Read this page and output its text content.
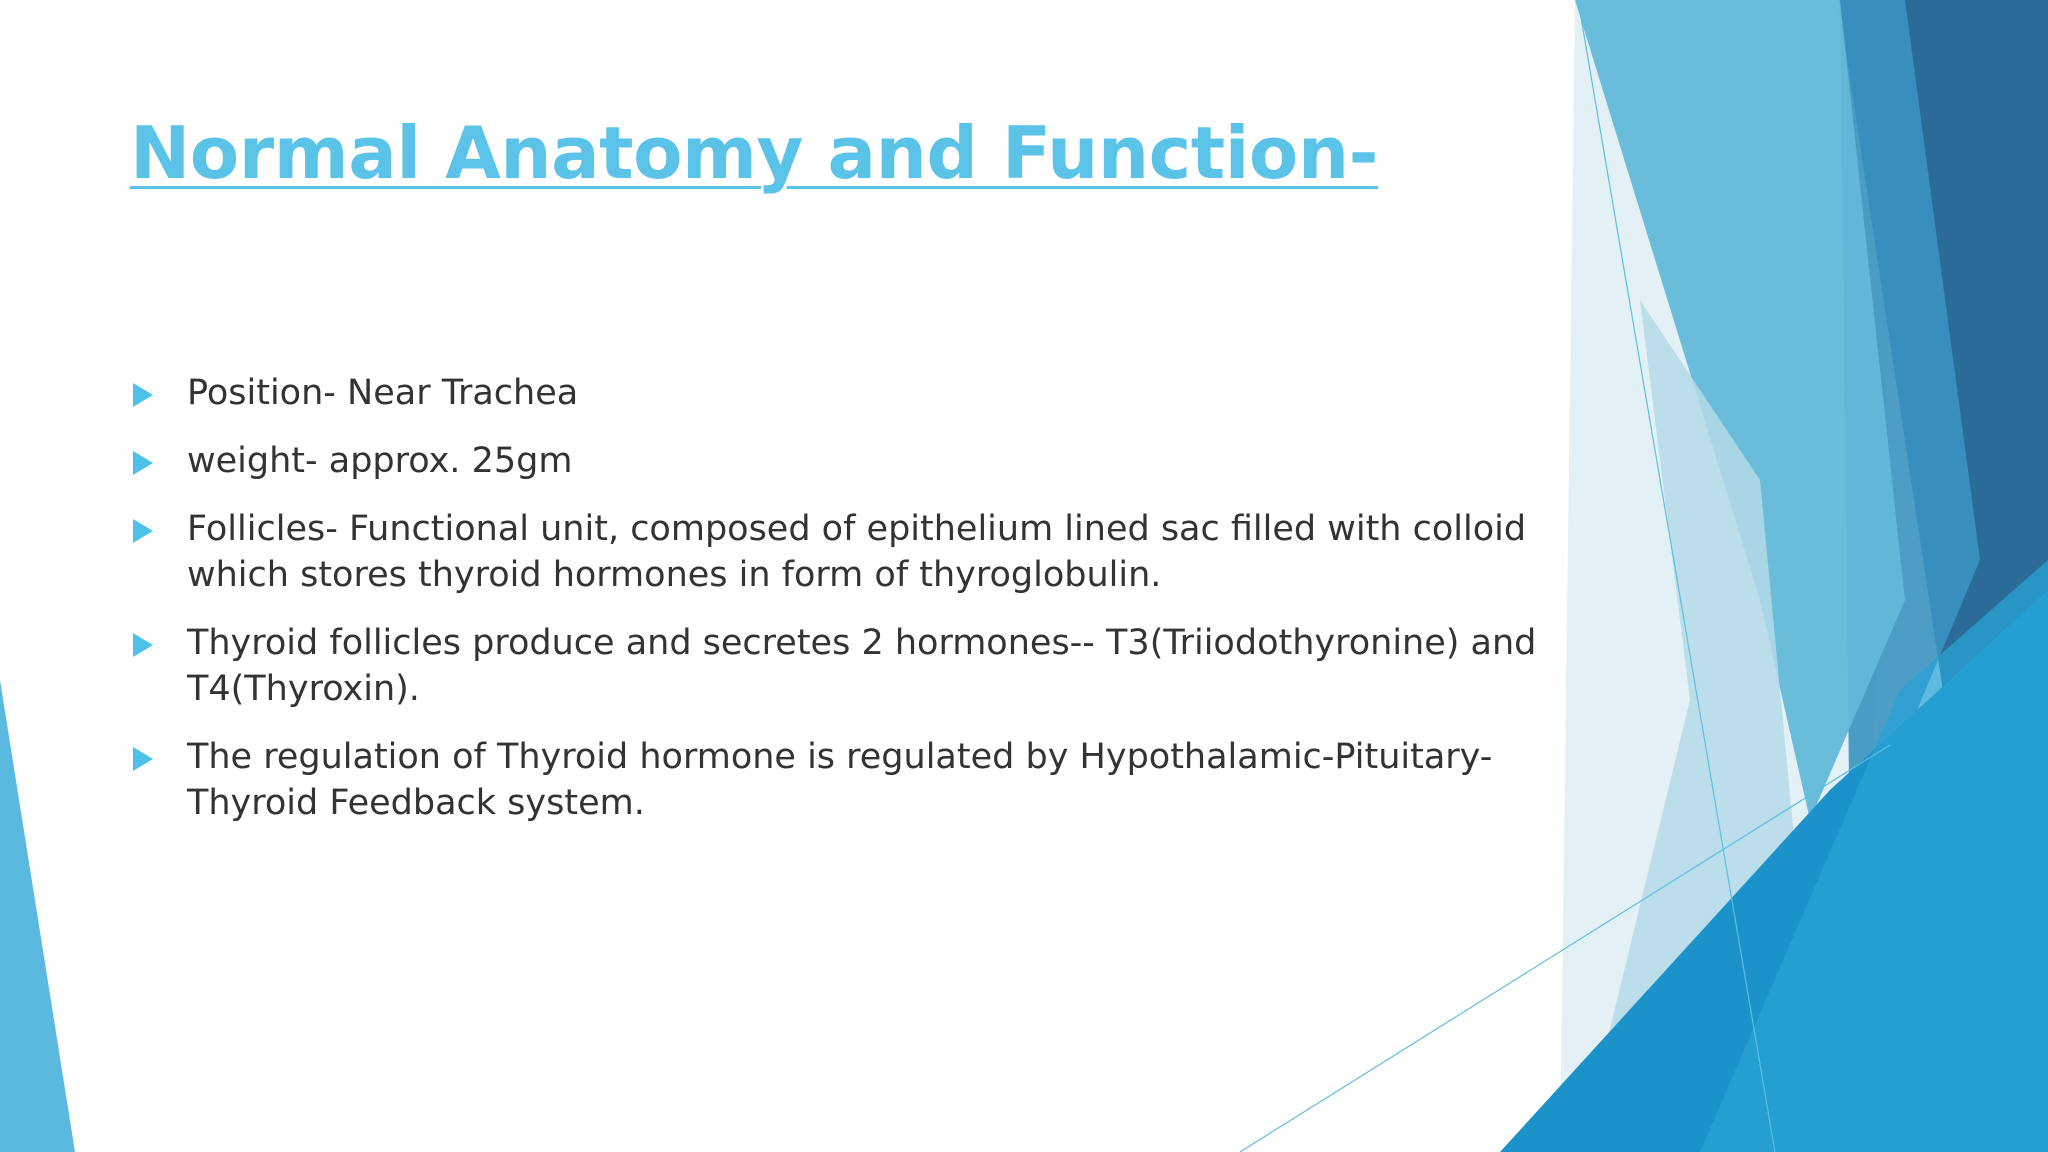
Normal Anatomy and Function-
Position- Near Trachea
weight- approx. 25gm
Follicles- Functional unit, composed of epithelium lined sac filled with colloid which stores thyroid hormones in form of thyroglobulin.
Thyroid follicles produce and secretes 2 hormones-- T3(Triiodothyronine) and T4(Thyroxin).
The regulation of Thyroid hormone is regulated by Hypothalamic-Pituitary-Thyroid Feedback system.
